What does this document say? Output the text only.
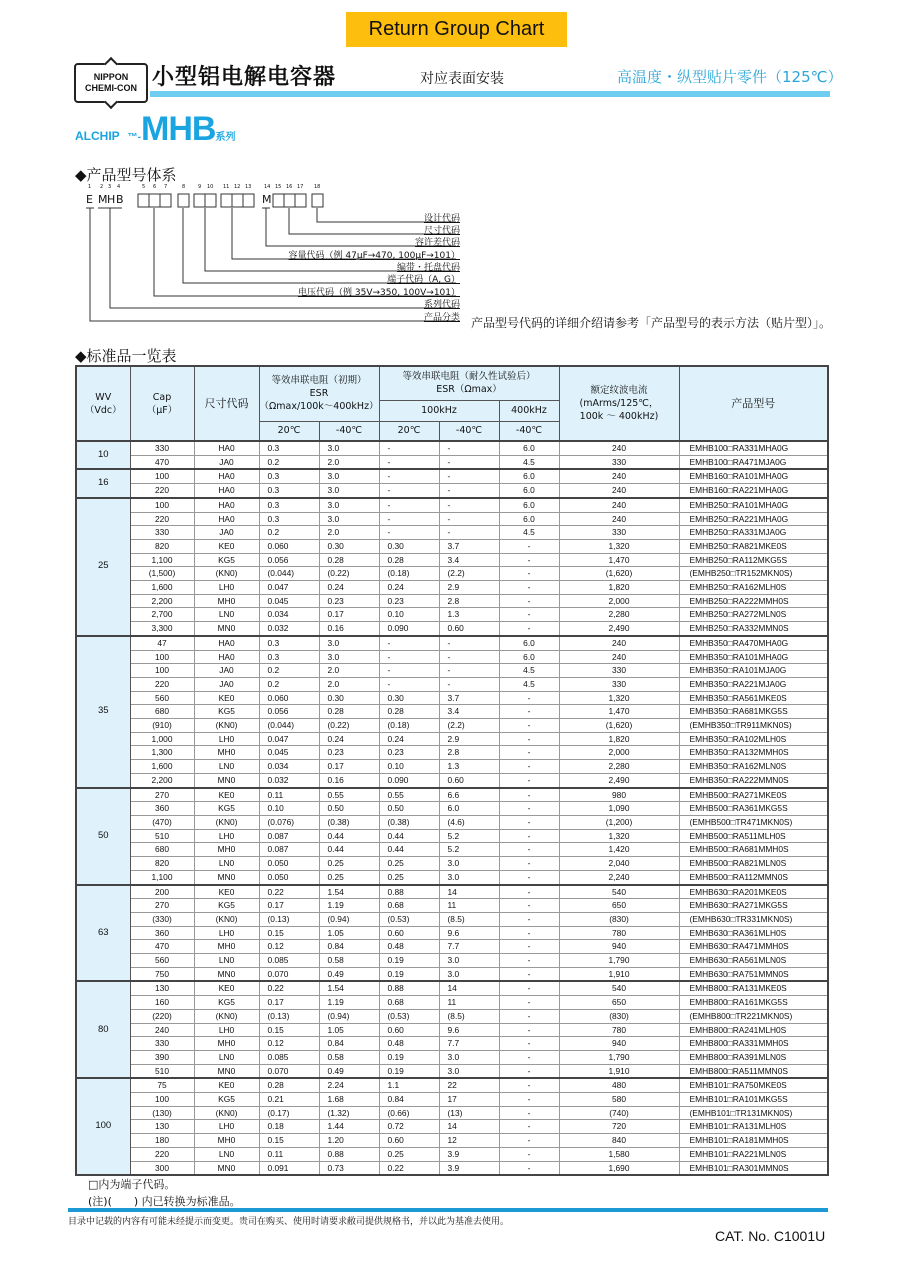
Return Group Chart
NIPPON
CHEMI-CON 小型铝电解电容器	对应表面安装	高温度・纵型贴片零件（125℃）
ALCHIP ™-MHB系列
◆产品型号体系
1 2 3 4	5 6 7	8	9 10 11 12 13	14 15 16 17 18
E M H B	M
设计代码
尺寸代码
容许差代码
容量代码（例 47μF→470, 100μF→101）
编带・托盘代码
端子代码（A, G）
电压代码（例 35V→350, 100V→101）
系列代码
产品分类 产品型号代码的详细介绍请参考「产品型号的表示方法（贴片型）」。
◆标准品一览表
WV
（Vdc）	Cap
（μF）	尺寸代码	等效串联电阻（初期）
ESR
（Ωmax/100k～400kHz）		等效串联电阻（耐久性试验后）
ESR（Ωmax）			额定纹波电流
(mArms/125℃，
100k ～ 400kHz)	产品型号
					100kHz		400kHz		
			20℃	-40℃	20℃	-40℃	-40℃		
10	330	HA0	0.3	3.0	-	-	6.0	240	EMHB100□RA331MHA0G
	470	JA0	0.2	2.0	-	-	4.5	330	EMHB100□RA471MJA0G
16	100	HA0	0.3	3.0	-	-	6.0	240	EMHB160□RA101MHA0G
	220	HA0	0.3	3.0	-	-	6.0	240	EMHB160□RA221MHA0G
25	100	HA0	0.3	3.0	-	-	6.0	240	EMHB250□RA101MHA0G
	220	HA0	0.3	3.0	-	-	6.0	240	EMHB250□RA221MHA0G
	330	JA0	0.2	2.0	-	-	4.5	330	EMHB250□RA331MJA0G
	820	KE0	0.060	0.30	0.30	3.7	-	1,320	EMHB250□RA821MKE0S
	1,100	KG5	0.056	0.28	0.28	3.4	-	1,470	EMHB250□RA112MKG5S
	(1,500)	(KN0)	(0.044)	(0.22)	(0.18)	(2.2)	-	(1,620)	(EMHB250□TR152MKN0S)
	1,600	LH0	0.047	0.24	0.24	2.9	-	1,820	EMHB250□RA162MLH0S
	2,200	MH0	0.045	0.23	0.23	2.8	-	2,000	EMHB250□RA222MMH0S
	2,700	LN0	0.034	0.17	0.10	1.3	-	2,280	EMHB250□RA272MLN0S
	3,300	MN0	0.032	0.16	0.090	0.60	-	2,490	EMHB250□RA332MMN0S
35	47	HA0	0.3	3.0	-	-	6.0	240	EMHB350□RA470MHA0G
	100	HA0	0.3	3.0	-	-	6.0	240	EMHB350□RA101MHA0G
	100	JA0	0.2	2.0	-	-	4.5	330	EMHB350□RA101MJA0G
	220	JA0	0.2	2.0	-	-	4.5	330	EMHB350□RA221MJA0G
	560	KE0	0.060	0.30	0.30	3.7	-	1,320	EMHB350□RA561MKE0S
	680	KG5	0.056	0.28	0.28	3.4	-	1,470	EMHB350□RA681MKG5S
	(910)	(KN0)	(0.044)	(0.22)	(0.18)	(2.2)	-	(1,620)	(EMHB350□TR911MKN0S)
	1,000	LH0	0.047	0.24	0.24	2.9	-	1,820	EMHB350□RA102MLH0S
	1,300	MH0	0.045	0.23	0.23	2.8	-	2,000	EMHB350□RA132MMH0S
	1,600	LN0	0.034	0.17	0.10	1.3	-	2,280	EMHB350□RA162MLN0S
	2,200	MN0	0.032	0.16	0.090	0.60	-	2,490	EMHB350□RA222MMN0S
50	270	KE0	0.11	0.55	0.55	6.6	-	980	EMHB500□RA271MKE0S
	360	KG5	0.10	0.50	0.50	6.0	-	1,090	EMHB500□RA361MKG5S
	(470)	(KN0)	(0.076)	(0.38)	(0.38)	(4.6)	-	(1,200)	(EMHB500□TR471MKN0S)
	510	LH0	0.087	0.44	0.44	5.2	-	1,320	EMHB500□RA511MLH0S
	680	MH0	0.087	0.44	0.44	5.2	-	1,420	EMHB500□RA681MMH0S
	820	LN0	0.050	0.25	0.25	3.0	-	2,040	EMHB500□RA821MLN0S
	1,100	MN0	0.050	0.25	0.25	3.0	-	2,240	EMHB500□RA112MMN0S
63	200	KE0	0.22	1.54	0.88	14	-	540	EMHB630□RA201MKE0S
	270	KG5	0.17	1.19	0.68	11	-	650	EMHB630□RA271MKG5S
	(330)	(KN0)	(0.13)	(0.94)	(0.53)	(8.5)	-	(830)	(EMHB630□TR331MKN0S)
	360	LH0	0.15	1.05	0.60	9.6	-	780	EMHB630□RA361MLH0S
	470	MH0	0.12	0.84	0.48	7.7	-	940	EMHB630□RA471MMH0S
	560	LN0	0.085	0.58	0.19	3.0	-	1,790	EMHB630□RA561MLN0S
	750	MN0	0.070	0.49	0.19	3.0	-	1,910	EMHB630□RA751MMN0S
80	130	KE0	0.22	1.54	0.88	14	-	540	EMHB800□RA131MKE0S
	160	KG5	0.17	1.19	0.68	11	-	650	EMHB800□RA161MKG5S
	(220)	(KN0)	(0.13)	(0.94)	(0.53)	(8.5)	-	(830)	(EMHB800□TR221MKN0S)
	240	LH0	0.15	1.05	0.60	9.6	-	780	EMHB800□RA241MLH0S
	330	MH0	0.12	0.84	0.48	7.7	-	940	EMHB800□RA331MMH0S
	390	LN0	0.085	0.58	0.19	3.0	-	1,790	EMHB800□RA391MLN0S
	510	MN0	0.070	0.49	0.19	3.0	-	1,910	EMHB800□RA511MMN0S
100	75	KE0	0.28	2.24	1.1	22	-	480	EMHB101□RA750MKE0S
	100	KG5	0.21	1.68	0.84	17	-	580	EMHB101□RA101MKG5S
	(130)	(KN0)	(0.17)	(1.32)	(0.66)	(13)	-	(740)	(EMHB101□TR131MKN0S)
	130	LH0	0.18	1.44	0.72	14	-	720	EMHB101□RA131MLH0S
	180	MH0	0.15	1.20	0.60	12	-	840	EMHB101□RA181MMH0S
	220	LN0	0.11	0.88	0.25	3.9	-	1,580	EMHB101□RA221MLN0S
	300	MN0	0.091	0.73	0.22	3.9	-	1,690	EMHB101□RA301MMN0S
□内为端子代码。
(注)(　　) 内已转换为标准品。
目录中记载的内容有可能未经提示而变更。贵司在购买、使用时请要求敝司提供规格书，并以此为基准去使用。
CAT. No. C1001U
